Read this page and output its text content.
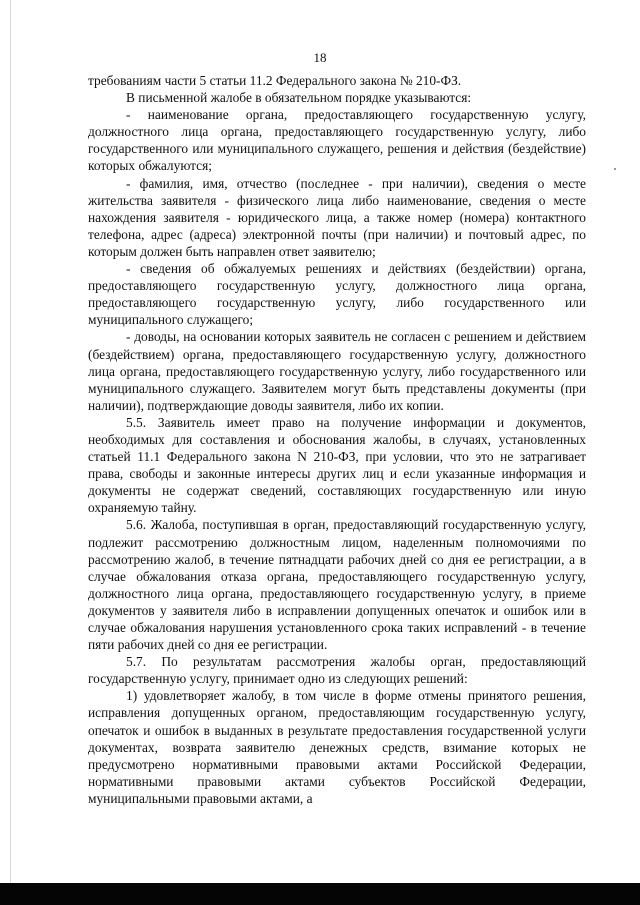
18

требованиям части 5 статьи 11.2 Федерального закона № 210-ФЗ.

В письменной жалобе в обязательном порядке указываются:

- наименование органа, предоставляющего государственную услугу, должностного лица органа, предоставляющего государственную услугу, либо государственного или муниципального служащего, решения и действия (бездействие) которых обжалуются;

- фамилия, имя, отчество (последнее - при наличии), сведения о месте жительства заявителя - физического лица либо наименование, сведения о месте нахождения заявителя - юридического лица, а также номер (номера) контактного телефона, адрес (адреса) электронной почты (при наличии) и почтовый адрес, по которым должен быть направлен ответ заявителю;

- сведения об обжалуемых решениях и действиях (бездействии) органа, предоставляющего государственную услугу, должностного лица органа, предоставляющего государственную услугу, либо государственного или муниципального служащего;

- доводы, на основании которых заявитель не согласен с решением и действием (бездействием) органа, предоставляющего государственную услугу, должностного лица органа, предоставляющего государственную услугу, либо государственного или муниципального служащего. Заявителем могут быть представлены документы (при наличии), подтверждающие доводы заявителя, либо их копии.

5.5. Заявитель имеет право на получение информации и документов, необходимых для составления и обоснования жалобы, в случаях, установленных статьей 11.1 Федерального закона N 210-ФЗ, при условии, что это не затрагивает права, свободы и законные интересы других лиц и если указанные информация и документы не содержат сведений, составляющих государственную или иную охраняемую тайну.

5.6. Жалоба, поступившая в орган, предоставляющий государственную услугу, подлежит рассмотрению должностным лицом, наделенным полномочиями по рассмотрению жалоб, в течение пятнадцати рабочих дней со дня ее регистрации, а в случае обжалования отказа органа, предоставляющего государственную услугу, должностного лица органа, предоставляющего государственную услугу, в приеме документов у заявителя либо в исправлении допущенных опечаток и ошибок или в случае обжалования нарушения установленного срока таких исправлений - в течение пяти рабочих дней со дня ее регистрации.

5.7. По результатам рассмотрения жалобы орган, предоставляющий государственную услугу, принимает одно из следующих решений:

1) удовлетворяет жалобу, в том числе в форме отмены принятого решения, исправления допущенных органом, предоставляющим государственную услугу, опечаток и ошибок в выданных в результате предоставления государственной услуги документах, возврата заявителю денежных средств, взимание которых не предусмотрено нормативными правовыми актами Российской Федерации, нормативными правовыми актами субъектов Российской Федерации, муниципальными правовыми актами, а
